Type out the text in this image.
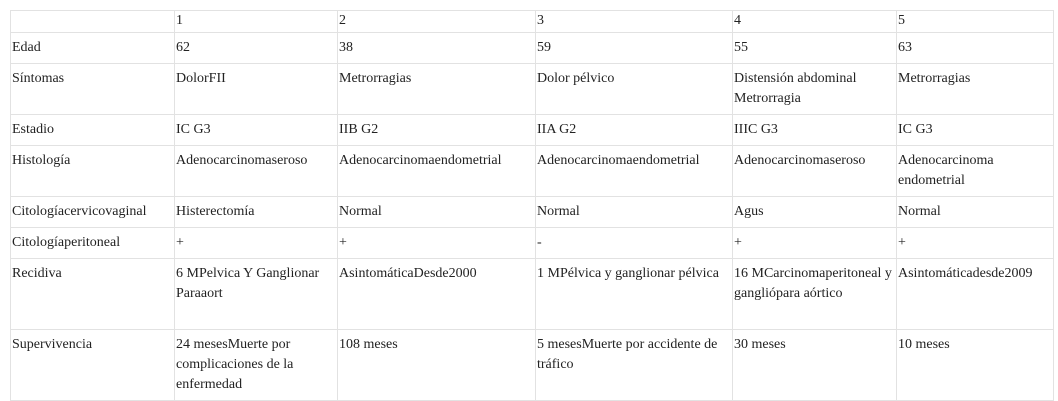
	1	2	3	4	5
Edad	62	38	59	55	63
Síntomas	DolorFII	Metrorragias	Dolor pélvico	Distensión abdominal Metrorragia	Metrorragias
Estadio	IC G3	IIB G2	IIA G2	IIIC G3	IC G3
Histología	Adenocarcinomaseroso	Adenocarcinomaendometrial	Adenocarcinomaendometrial	Adenocarcinomaseroso	Adenocarcinoma endometrial
Citologíacervicovaginal	Histerectomía	Normal	Normal	Agus	Normal
Citologíaperitoneal	+	+	-	+	+
Recidiva	6 MPelvica Y Ganglionar Paraaort	AsintomáticaDesde2000	1 MPélvica y ganglionar pélvica	16 MCarcinomaperitoneal y gangliópara aórtico	Asintomáticadesde2009
Supervivencia	24 mesesMuerte por complicaciones de la enfermedad	108 meses	5 mesesMuerte por accidente de tráfico	30 meses	10 meses
